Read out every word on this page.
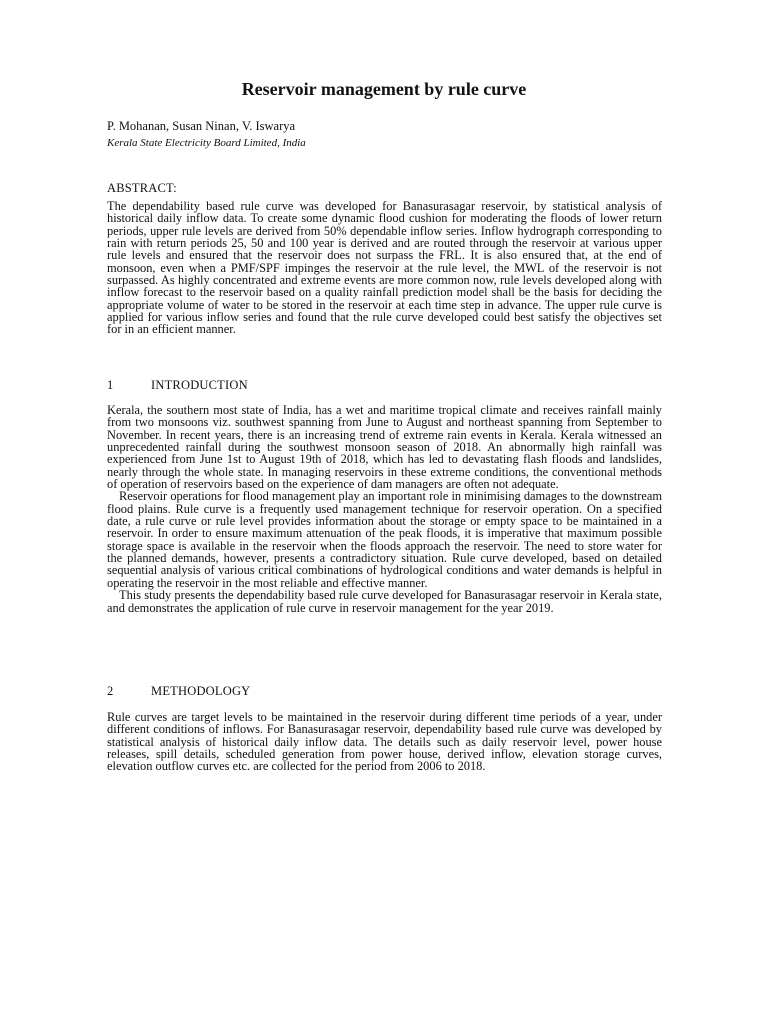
Reservoir management by rule curve
P. Mohanan, Susan Ninan, V. Iswarya
Kerala State Electricity Board Limited, India
ABSTRACT:

The dependability based rule curve was developed for Banasurasagar reservoir, by statistical analysis of historical daily inflow data. To create some dynamic flood cushion for moderating the floods of lower return periods, upper rule levels are derived from 50% dependable inflow series. Inflow hydrograph corresponding to rain with return periods 25, 50 and 100 year is derived and are routed through the reservoir at various upper rule levels and ensured that the reservoir does not surpass the FRL. It is also ensured that, at the end of monsoon, even when a PMF/SPF impinges the reservoir at the rule level, the MWL of the reservoir is not surpassed. As highly concentrated and extreme events are more common now, rule levels developed along with inflow forecast to the reservoir based on a quality rainfall prediction model shall be the basis for deciding the appropriate volume of water to be stored in the reservoir at each time step in advance. The upper rule curve is applied for various inflow series and found that the rule curve developed could best satisfy the objectives set for in an efficient manner.

1	INTRODUCTION

Kerala, the southern most state of India, has a wet and maritime tropical climate and receives rainfall mainly from two monsoons viz. southwest spanning from June to August and northeast spanning from September to November. In recent years, there is an increasing trend of extreme rain events in Kerala. Kerala witnessed an unprecedented rainfall during the southwest monsoon season of 2018. An abnormally high rainfall was experienced from June 1st to August 19th of 2018, which has led to devastating flash floods and landslides, nearly through the whole state. In managing reservoirs in these extreme conditions, the conventional methods of operation of reservoirs based on the experience of dam managers are often not adequate.

Reservoir operations for flood management play an important role in minimising damages to the downstream flood plains. Rule curve is a frequently used management technique for reservoir operation. On a specified date, a rule curve or rule level provides information about the storage or empty space to be maintained in a reservoir. In order to ensure maximum attenuation of the peak floods, it is imperative that maximum possible storage space is available in the reservoir when the floods approach the reservoir. The need to store water for the planned demands, however, presents a contradictory situation. Rule curve developed, based on detailed sequential analysis of various critical combinations of hydrological conditions and water demands is helpful in operating the reservoir in the most reliable and effective manner.

This study presents the dependability based rule curve developed for Banasurasagar reservoir in Kerala state, and demonstrates the application of rule curve in reservoir management for the year 2019.

2	METHODOLOGY

Rule curves are target levels to be maintained in the reservoir during different time periods of a year, under different conditions of inflows. For Banasurasagar reservoir, dependability based rule curve was developed by statistical analysis of historical daily inflow data. The details such as daily reservoir level, power house releases, spill details, scheduled generation from power house, derived inflow, elevation storage curves, elevation outflow curves etc. are collected for the period from 2006 to 2018.
